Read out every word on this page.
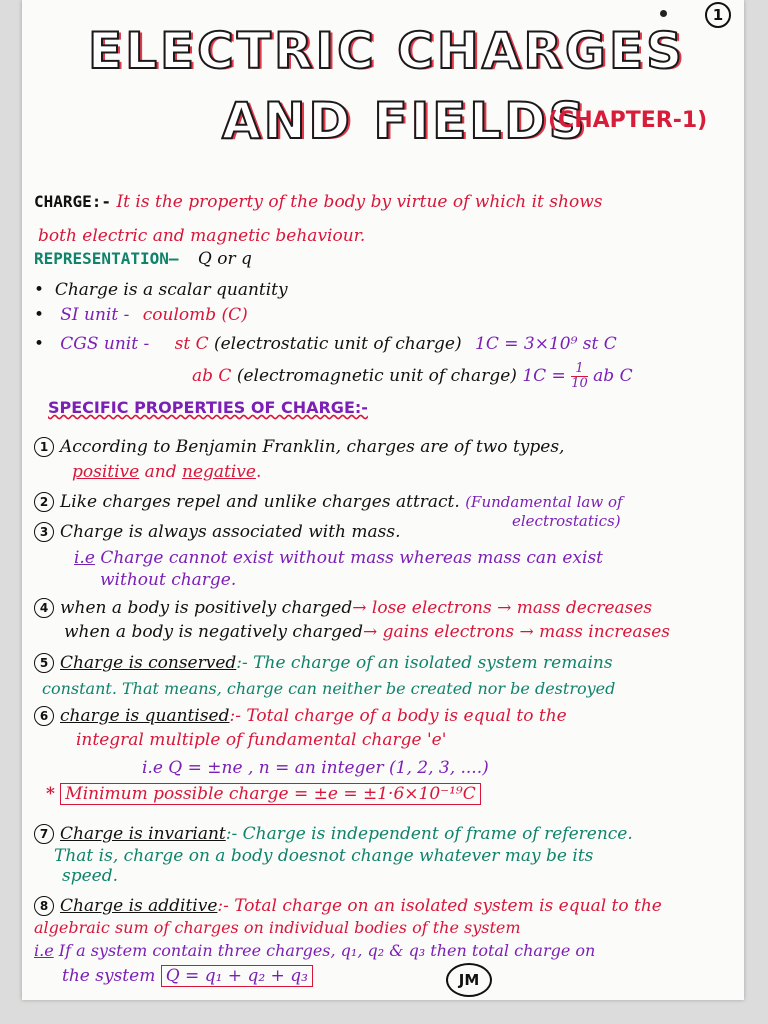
1
ELECTRIC CHARGES
AND FIELDS
(CHAPTER-1)
CHARGE:- It is the property of the body by virtue of which it shows
both electric and magnetic behaviour.
REPRESENTATION— Q or q
•  Charge is a scalar quantity
•   SI unit - coulomb (C)
•   CGS unit - st C (electrostatic unit of charge) 1C = 3×10⁹ st C
ab C (electromagnetic unit of charge) $1C = \frac{1}{10}$ ab C
SPECIFIC PROPERTIES OF CHARGE:-
1 According to Benjamin Franklin, charges are of two types,
positive and negative.
2 Like charges repel and unlike charges attract. (Fundamental law of
electrostatics)
3 Charge is always associated with mass.
i.e Charge cannot exist without mass whereas mass can exist
without charge.
4 when a body is positively charged→ lose electrons → mass decreases
when a body is negatively charged→ gains electrons → mass increases
5 Charge is conserved:- The charge of an isolated system remains
constant. That means, charge can neither be created nor be destroyed
6 charge is quantised:- Total charge of a body is equal to the
integral multiple of fundamental charge 'e'
i.e Q = ±ne , n = an integer (1, 2, 3, ....)
* Minimum possible charge = ±e = ±1·6×10⁻¹⁹C
7 Charge is invariant:- Charge is independent of frame of reference.
That is, charge on a body doesnot change whatever may be its
speed.
8 Charge is additive:- Total charge on an isolated system is equal to the
algebraic sum of charges on individual bodies of the system
i.e If a system contain three charges, q₁, q₂ & q₃ then total charge on
the system Q = q₁ + q₂ + q₃	JM
